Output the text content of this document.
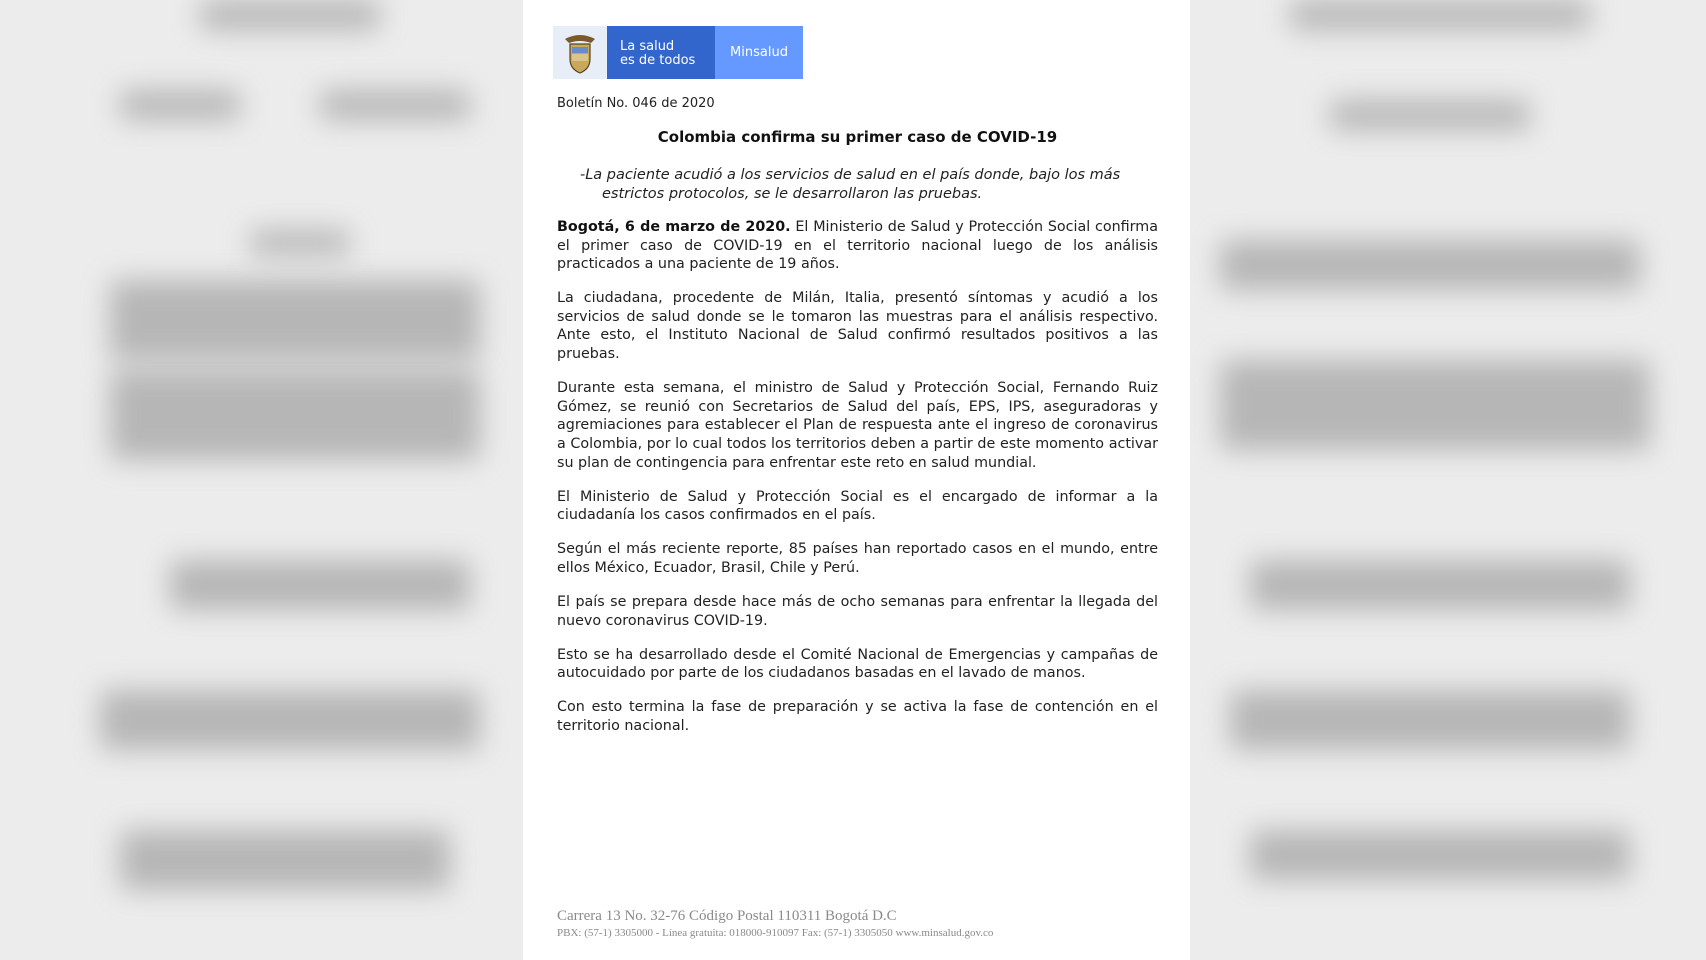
La salud
es de todos
Minsalud
Boletín No. 046 de 2020
Colombia confirma su primer caso de COVID-19
-La paciente acudió a los servicios de salud en el país donde, bajo los más estrictos protocolos, se le desarrollaron las pruebas.

Bogotá, 6 de marzo de 2020. El Ministerio de Salud y Protección Social confirma el primer caso de COVID-19 en el territorio nacional luego de los análisis practicados a una paciente de 19 años.

La ciudadana, procedente de Milán, Italia, presentó síntomas y acudió a los servicios de salud donde se le tomaron las muestras para el análisis respectivo. Ante esto, el Instituto Nacional de Salud confirmó resultados positivos a las pruebas.

Durante esta semana, el ministro de Salud y Protección Social, Fernando Ruiz Gómez, se reunió con Secretarios de Salud del país, EPS, IPS, aseguradoras y agremiaciones para establecer el Plan de respuesta ante el ingreso de coronavirus a Colombia, por lo cual todos los territorios deben a partir de este momento activar su plan de contingencia para enfrentar este reto en salud mundial.

El Ministerio de Salud y Protección Social es el encargado de informar a la ciudadanía los casos confirmados en el país.

Según el más reciente reporte, 85 países han reportado casos en el mundo, entre ellos México, Ecuador, Brasil, Chile y Perú.

El país se prepara desde hace más de ocho semanas para enfrentar la llegada del nuevo coronavirus COVID-19.

Esto se ha desarrollado desde el Comité Nacional de Emergencias y campañas de autocuidado por parte de los ciudadanos basadas en el lavado de manos.

Con esto termina la fase de preparación y se activa la fase de contención en el territorio nacional.

Carrera 13 No. 32-76 Código Postal 110311 Bogotá D.C
PBX: (57-1) 3305000 - Línea gratuita: 018000-910097 Fax: (57-1) 3305050 www.minsalud.gov.co
